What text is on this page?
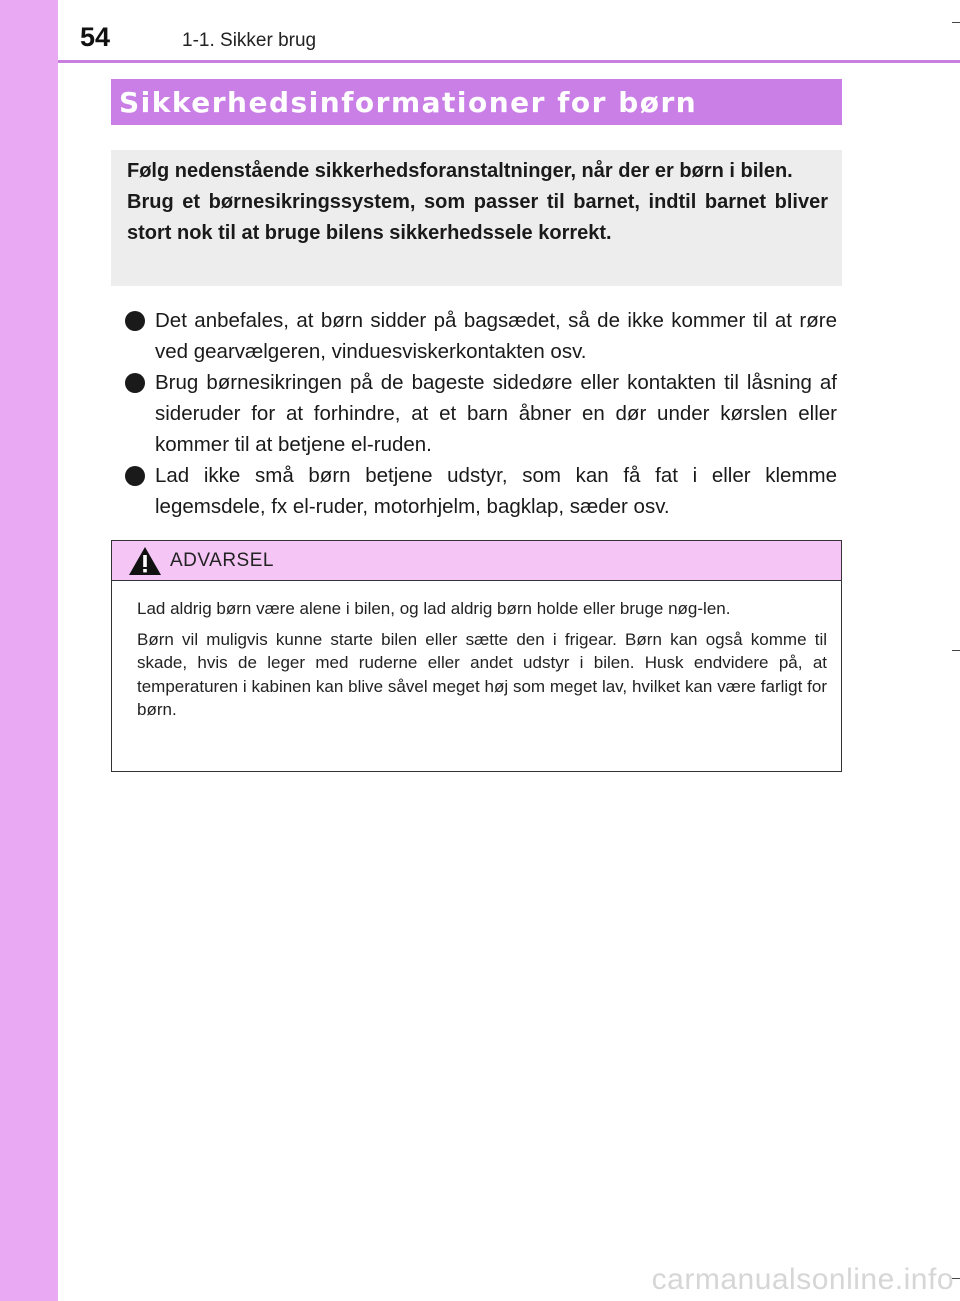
54	1-1. Sikker brug
Sikkerhedsinformationer for børn

Følg nedenstående sikkerhedsforanstaltninger, når der er børn i bilen.

Brug et børnesikringssystem, som passer til barnet, indtil barnet bliver stort nok til at bruge bilens sikkerhedssele korrekt.

Det anbefales, at børn sidder på bagsædet, så de ikke kommer til at røre ved gearvælgeren, vinduesviskerkontakten osv.
Brug børnesikringen på de bageste sidedøre eller kontakten til låsning af sideruder for at forhindre, at et barn åbner en dør under kørslen eller kommer til at betjene el-ruden.
Lad ikke små børn betjene udstyr, som kan få fat i eller klemme legemsdele, fx el-ruder, motorhjelm, bagklap, sæder osv.
ADVARSEL

Lad aldrig børn være alene i bilen, og lad aldrig børn holde eller bruge nøg-len.

Børn vil muligvis kunne starte bilen eller sætte den i frigear. Børn kan også komme til skade, hvis de leger med ruderne eller andet udstyr i bilen. Husk endvidere på, at temperaturen i kabinen kan blive såvel meget høj som meget lav, hvilket kan være farligt for børn.

carmanualsonline.info
